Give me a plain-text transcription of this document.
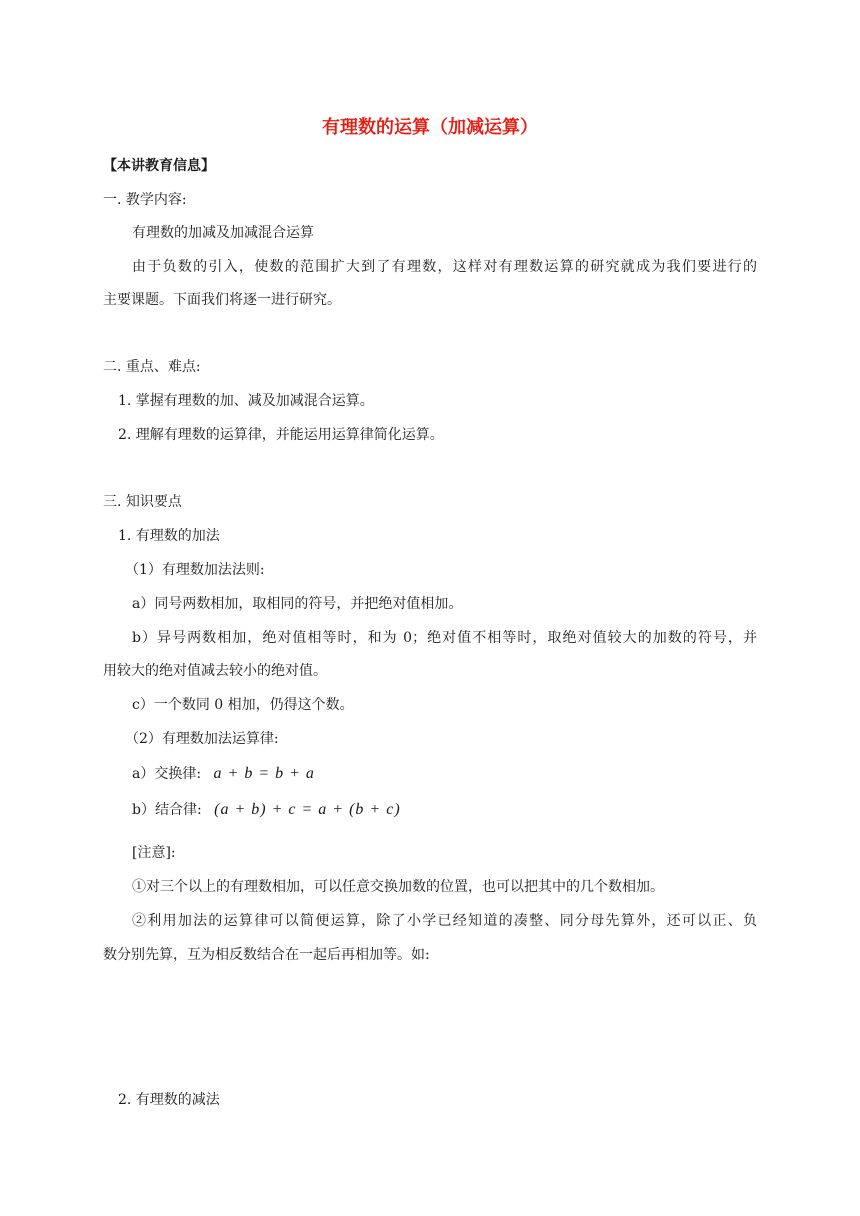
有理数的运算（加减运算）
【本讲教育信息】
一. 教学内容:
有理数的加减及加减混合运算
由于负数的引入，使数的范围扩大到了有理数，这样对有理数运算的研究就成为我们要进行的
主要课题。下面我们将逐一进行研究。
二. 重点、难点:
1. 掌握有理数的加、减及加减混合运算。
2. 理解有理数的运算律，并能运用运算律简化运算。
三. 知识要点
1. 有理数的加法
（1）有理数加法法则:
a）同号两数相加，取相同的符号，并把绝对值相加。
b）异号两数相加，绝对值相等时，和为 0；绝对值不相等时，取绝对值较大的加数的符号，并
用较大的绝对值减去较小的绝对值。
c）一个数同 0 相加，仍得这个数。
（2）有理数加法运算律:
a）交换律: a + b = b + a
b）结合律: (a + b) + c = a + (b + c)
[注意]:
①对三个以上的有理数相加，可以任意交换加数的位置，也可以把其中的几个数相加。
②利用加法的运算律可以简便运算，除了小学已经知道的凑整、同分母先算外，还可以正、负
数分别先算，互为相反数结合在一起后再相加等。如:
2. 有理数的减法
